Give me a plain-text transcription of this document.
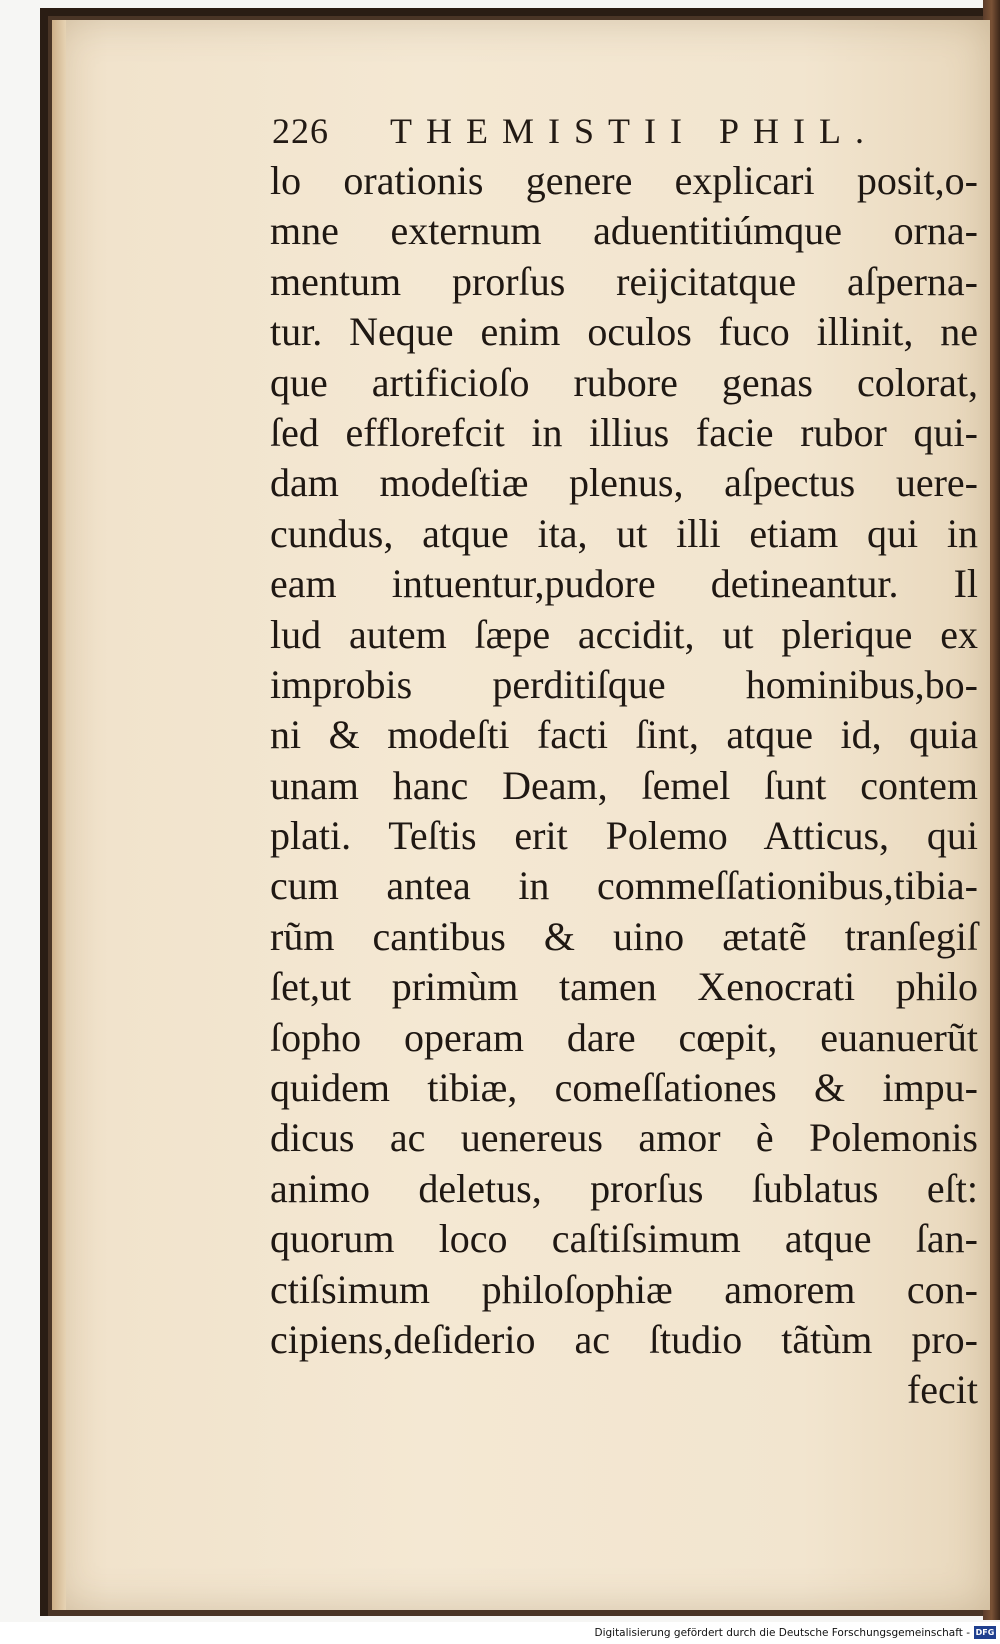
226 THEMISTII PHIL.
lo orationis genere explicari posit,o-
mne externum aduentitiúmque orna-
mentum prorſus reijcitatque aſperna-
tur. Neque enim oculos fuco illinit, ne
que artificioſo rubore genas colorat,
ſed efflorefcit in illius facie rubor qui-
dam modeſtiæ plenus, aſpectus uere-
cundus, atque ita, ut illi etiam qui in
eam intuentur,pudore detineantur. Il
lud autem ſæpe accidit, ut plerique ex
improbis perditiſque hominibus,bo-
ni & modeſti facti ſint, atque id, quia
unam hanc Deam, ſemel ſunt contem
plati. Teſtis erit Polemo Atticus, qui
cum antea in commeſſationibus,tibia-
rũm cantibus & uino ætatẽ tranſegiſ
ſet,ut primùm tamen Xenocrati philo
ſopho operam dare cœpit, euanuerũt
quidem tibiæ, comeſſationes & impu-
dicus ac uenereus amor è Polemonis
animo deletus, prorſus ſublatus eſt:
quorum loco caſtiſsimum atque ſan-
ctiſsimum philoſophiæ amorem con-
cipiens,deſiderio ac ſtudio tãtùm pro-
fecit
Digitalisierung gefördert durch die Deutsche Forschungsgemeinschaft - DFG
